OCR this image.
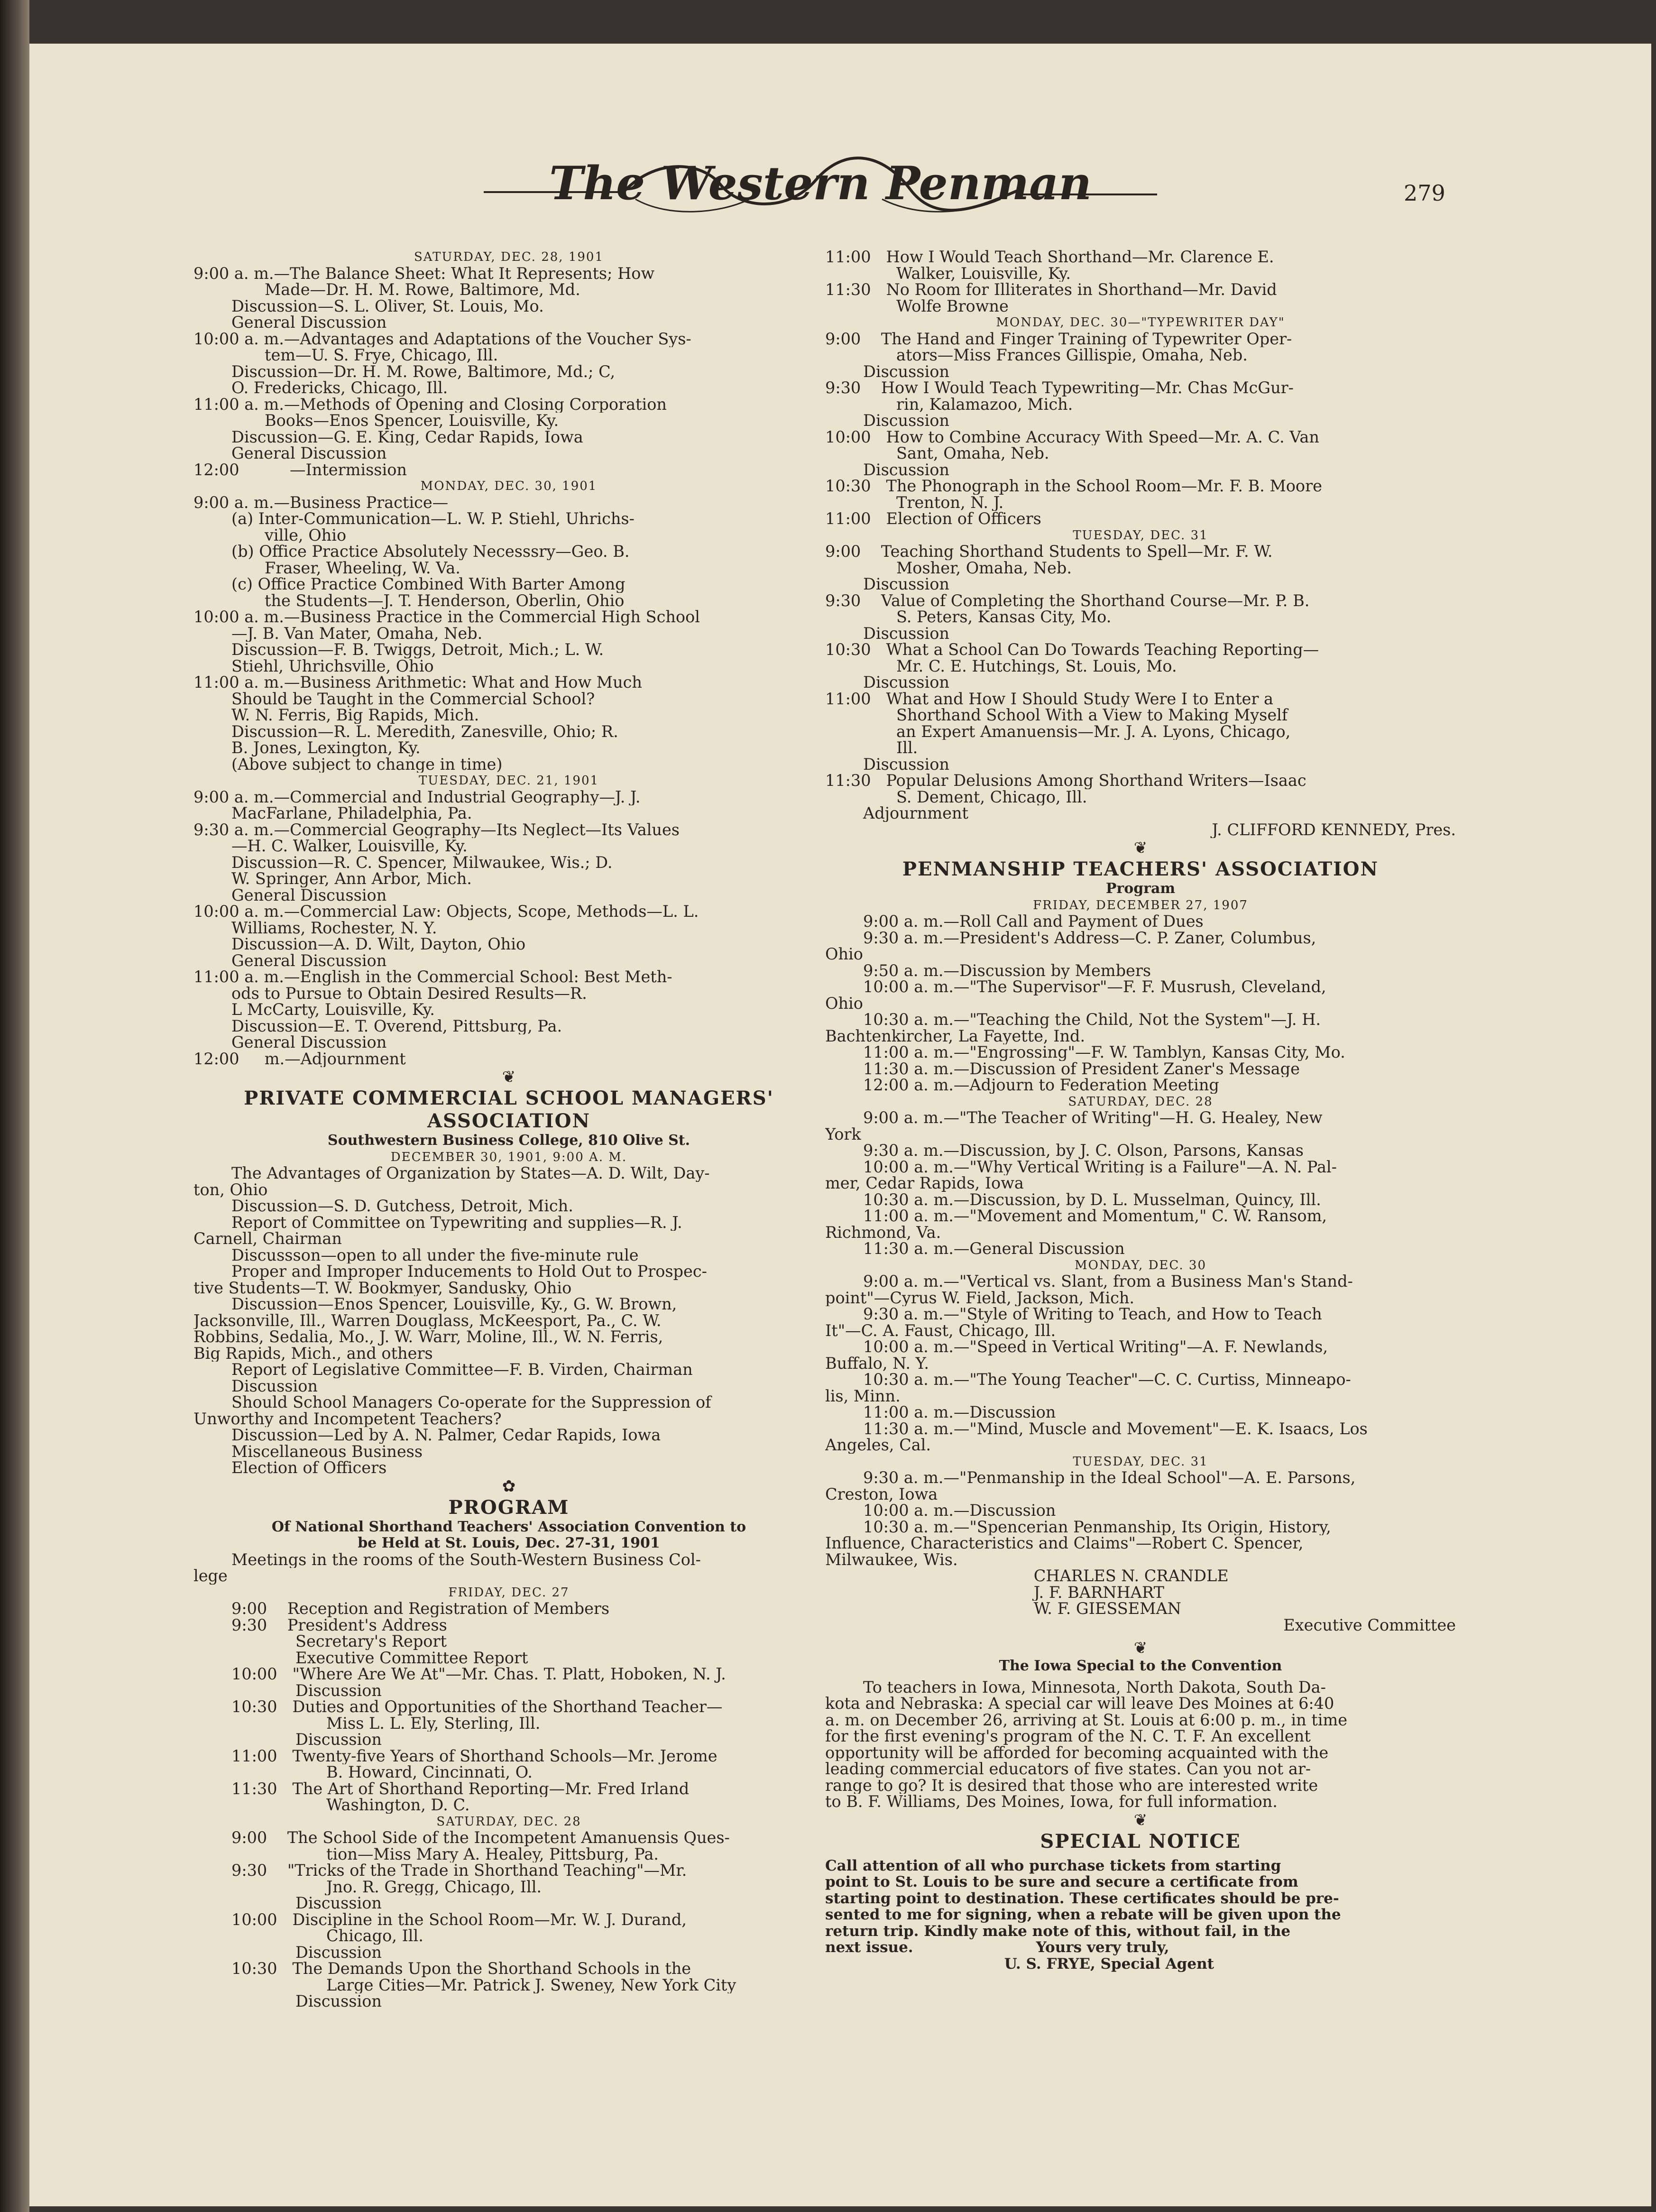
The Western Penman	279
SATURDAY, DEC. 28, 1901
9:00 a. m.—The Balance Sheet: What It Represents; How
Made—Dr. H. M. Rowe, Baltimore, Md.
Discussion—S. L. Oliver, St. Louis, Mo.
General Discussion
10:00 a. m.—Advantages and Adaptations of the Voucher Sys-
tem—U. S. Frye, Chicago, Ill.
Discussion—Dr. H. M. Rowe, Baltimore, Md.; C,
O. Fredericks, Chicago, Ill.
11:00 a. m.—Methods of Opening and Closing Corporation
Books—Enos Spencer, Louisville, Ky.
Discussion—G. E. King, Cedar Rapids, Iowa
General Discussion
12:00          —Intermission
MONDAY, DEC. 30, 1901
9:00 a. m.—Business Practice—
(a) Inter-Communication—L. W. P. Stiehl, Uhrichs-
ville, Ohio
(b) Office Practice Absolutely Necesssry—Geo. B.
Fraser, Wheeling, W. Va.
(c) Office Practice Combined With Barter Among
the Students—J. T. Henderson, Oberlin, Ohio
10:00 a. m.—Business Practice in the Commercial High School
—J. B. Van Mater, Omaha, Neb.
Discussion—F. B. Twiggs, Detroit, Mich.; L. W.
Stiehl, Uhrichsville, Ohio
11:00 a. m.—Business Arithmetic: What and How Much
Should be Taught in the Commercial School?
W. N. Ferris, Big Rapids, Mich.
Discussion—R. L. Meredith, Zanesville, Ohio; R.
B. Jones, Lexington, Ky.
(Above subject to change in time)
TUESDAY, DEC. 21, 1901
9:00 a. m.—Commercial and Industrial Geography—J. J.
MacFarlane, Philadelphia, Pa.
9:30 a. m.—Commercial Geography—Its Neglect—Its Values
—H. C. Walker, Louisville, Ky.
Discussion—R. C. Spencer, Milwaukee, Wis.; D.
W. Springer, Ann Arbor, Mich.
General Discussion
10:00 a. m.—Commercial Law: Objects, Scope, Methods—L. L.
Williams, Rochester, N. Y.
Discussion—A. D. Wilt, Dayton, Ohio
General Discussion
11:00 a. m.—English in the Commercial School: Best Meth-
ods to Pursue to Obtain Desired Results—R.
L McCarty, Louisville, Ky.
Discussion—E. T. Overend, Pittsburg, Pa.
General Discussion
12:00     m.—Adjournment
❦
PRIVATE COMMERCIAL SCHOOL MANAGERS'
ASSOCIATION
Southwestern Business College, 810 Olive St.
DECEMBER 30, 1901, 9:00 A. M.
The Advantages of Organization by States—A. D. Wilt, Day-
ton, Ohio
Discussion—S. D. Gutchess, Detroit, Mich.
Report of Committee on Typewriting and supplies—R. J.
Carnell, Chairman
Discussson—open to all under the five-minute rule
Proper and Improper Inducements to Hold Out to Prospec-
tive Students—T. W. Bookmyer, Sandusky, Ohio
Discussion—Enos Spencer, Louisville, Ky., G. W. Brown,
Jacksonville, Ill., Warren Douglass, McKeesport, Pa., C. W.
Robbins, Sedalia, Mo., J. W. Warr, Moline, Ill., W. N. Ferris,
Big Rapids, Mich., and others
Report of Legislative Committee—F. B. Virden, Chairman
Discussion
Should School Managers Co-operate for the Suppression of
Unworthy and Incompetent Teachers?
Discussion—Led by A. N. Palmer, Cedar Rapids, Iowa
Miscellaneous Business
Election of Officers
✿
PROGRAM
Of National Shorthand Teachers' Association Convention to
be Held at St. Louis, Dec. 27-31, 1901
Meetings in the rooms of the South-Western Business Col-
lege
FRIDAY, DEC. 27
9:00    Reception and Registration of Members
9:30    President's Address
Secretary's Report
Executive Committee Report
10:00   "Where Are We At"—Mr. Chas. T. Platt, Hoboken, N. J.
Discussion
10:30   Duties and Opportunities of the Shorthand Teacher—
Miss L. L. Ely, Sterling, Ill.
Discussion
11:00   Twenty-five Years of Shorthand Schools—Mr. Jerome
B. Howard, Cincinnati, O.
11:30   The Art of Shorthand Reporting—Mr. Fred Irland
Washington, D. C.
SATURDAY, DEC. 28
9:00    The School Side of the Incompetent Amanuensis Ques-
tion—Miss Mary A. Healey, Pittsburg, Pa.
9:30    "Tricks of the Trade in Shorthand Teaching"—Mr.
Jno. R. Gregg, Chicago, Ill.
Discussion
10:00   Discipline in the School Room—Mr. W. J. Durand,
Chicago, Ill.
Discussion
10:30   The Demands Upon the Shorthand Schools in the
Large Cities—Mr. Patrick J. Sweney, New York City
Discussion
11:00   How I Would Teach Shorthand—Mr. Clarence E.
Walker, Louisville, Ky.
11:30   No Room for Illiterates in Shorthand—Mr. David
Wolfe Browne
MONDAY, DEC. 30—"TYPEWRITER DAY"
9:00    The Hand and Finger Training of Typewriter Oper-
ators—Miss Frances Gillispie, Omaha, Neb.
Discussion
9:30    How I Would Teach Typewriting—Mr. Chas McGur-
rin, Kalamazoo, Mich.
Discussion
10:00   How to Combine Accuracy With Speed—Mr. A. C. Van
Sant, Omaha, Neb.
Discussion
10:30   The Phonograph in the School Room—Mr. F. B. Moore
Trenton, N. J.
11:00   Election of Officers
TUESDAY, DEC. 31
9:00    Teaching Shorthand Students to Spell—Mr. F. W.
Mosher, Omaha, Neb.
Discussion
9:30    Value of Completing the Shorthand Course—Mr. P. B.
S. Peters, Kansas City, Mo.
Discussion
10:30   What a School Can Do Towards Teaching Reporting—
Mr. C. E. Hutchings, St. Louis, Mo.
Discussion
11:00   What and How I Should Study Were I to Enter a
Shorthand School With a View to Making Myself
an Expert Amanuensis—Mr. J. A. Lyons, Chicago,
Ill.
Discussion
11:30   Popular Delusions Among Shorthand Writers—Isaac
S. Dement, Chicago, Ill.
Adjournment
J. CLIFFORD KENNEDY, Pres.
❦
PENMANSHIP TEACHERS' ASSOCIATION
Program
FRIDAY, DECEMBER 27, 1907
9:00 a. m.—Roll Call and Payment of Dues
9:30 a. m.—President's Address—C. P. Zaner, Columbus,
Ohio
9:50 a. m.—Discussion by Members
10:00 a. m.—"The Supervisor"—F. F. Musrush, Cleveland,
Ohio
10:30 a. m.—"Teaching the Child, Not the System"—J. H.
Bachtenkircher, La Fayette, Ind.
11:00 a. m.—"Engrossing"—F. W. Tamblyn, Kansas City, Mo.
11:30 a. m.—Discussion of President Zaner's Message
12:00 a. m.—Adjourn to Federation Meeting
SATURDAY, DEC. 28
9:00 a. m.—"The Teacher of Writing"—H. G. Healey, New
York
9:30 a. m.—Discussion, by J. C. Olson, Parsons, Kansas
10:00 a. m.—"Why Vertical Writing is a Failure"—A. N. Pal-
mer, Cedar Rapids, Iowa
10:30 a. m.—Discussion, by D. L. Musselman, Quincy, Ill.
11:00 a. m.—"Movement and Momentum," C. W. Ransom,
Richmond, Va.
11:30 a. m.—General Discussion
MONDAY, DEC. 30
9:00 a. m.—"Vertical vs. Slant, from a Business Man's Stand-
point"—Cyrus W. Field, Jackson, Mich.
9:30 a. m.—"Style of Writing to Teach, and How to Teach
It"—C. A. Faust, Chicago, Ill.
10:00 a. m.—"Speed in Vertical Writing"—A. F. Newlands,
Buffalo, N. Y.
10:30 a. m.—"The Young Teacher"—C. C. Curtiss, Minneapo-
lis, Minn.
11:00 a. m.—Discussion
11:30 a. m.—"Mind, Muscle and Movement"—E. K. Isaacs, Los
Angeles, Cal.
TUESDAY, DEC. 31
9:30 a. m.—"Penmanship in the Ideal School"—A. E. Parsons,
Creston, Iowa
10:00 a. m.—Discussion
10:30 a. m.—"Spencerian Penmanship, Its Origin, History,
Influence, Characteristics and Claims"—Robert C. Spencer,
Milwaukee, Wis.
CHARLES N. CRANDLE
J. F. BARNHART
W. F. GIESSEMAN
Executive Committee
❦
The Iowa Special to the Convention
To teachers in Iowa, Minnesota, North Dakota, South Da-
kota and Nebraska: A special car will leave Des Moines at 6:40
a. m. on December 26, arriving at St. Louis at 6:00 p. m., in time
for the first evening's program of the N. C. T. F. An excellent
opportunity will be afforded for becoming acquainted with the
leading commercial educators of five states. Can you not ar-
range to go? It is desired that those who are interested write
to B. F. Williams, Des Moines, Iowa, for full information.
❦
SPECIAL NOTICE
Call attention of all who purchase tickets from starting
point to St. Louis to be sure and secure a certificate from
starting point to destination. These certificates should be pre-
sented to me for signing, when a rebate will be given upon the
return trip. Kindly make note of this, without fail, in the
next issue.                        Yours very truly,
U. S. FRYE, Special Agent
